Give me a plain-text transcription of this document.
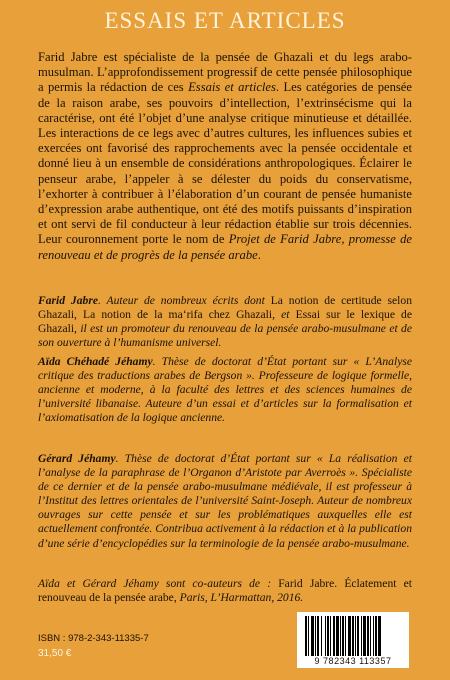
ESSAIS ET ARTICLES

Farid Jabre est spécialiste de la pensée de Ghazali et du legs arabo-musulman. L’approfondissement progressif de cette pensée philosophique a permis la rédaction de ces Essais et articles. Les catégories de pensée de la raison arabe, ses pouvoirs d’intellection, l’extrinsécisme qui la caractérise, ont été l’objet d’une analyse critique minutieuse et détaillée. Les interactions de ce legs avec d’autres cultures, les influences subies et exercées ont favorisé des rapprochements avec la pensée occidentale et donné lieu à un ensemble de considérations anthropologiques. Éclairer le penseur arabe, l’appeler à se délester du poids du conservatisme, l’exhorter à contribuer à l’élaboration d’un courant de pensée humaniste d’expression arabe authentique, ont été des motifs puissants d’inspiration et ont servi de fil conducteur à leur rédaction établie sur trois décennies. Leur couronnement porte le nom de Projet de Farid Jabre, promesse de renouveau et de progrès de la pensée arabe.

Farid Jabre. Auteur de nombreux écrits dont La notion de certitude selon Ghazali, La notion de la ma‘rifa chez Ghazali, et Essai sur le lexique de Ghazali, il est un promoteur du renouveau de la pensée arabo-musulmane et de son ouverture à l’humanisme universel.
Aïda Chéhadé Jéhamy. Thèse de doctorat d’État portant sur « L’Analyse critique des traductions arabes de Bergson ». Professeure de logique formelle, ancienne et moderne, à la faculté des lettres et des sciences humaines de l’université libanaise. Auteure d’un essai et d’articles sur la formalisation et l’axiomatisation de la logique ancienne.
Gérard Jéhamy. Thèse de doctorat d’État portant sur « La réalisation et l’analyse de la paraphrase de l’Organon d’Aristote par Averroès ». Spécialiste de ce dernier et de la pensée arabo-musulmane médiévale, il est professeur à l’Institut des lettres orientales de l’université Saint-Joseph. Auteur de nombreux ouvrages sur cette pensée et sur les problématiques auxquelles elle est actuellement confrontée. Contribua activement à la rédaction et à la publication d’une série d’encyclopédies sur la terminologie de la pensée arabo-musulmane.
Aïda et Gérard Jéhamy sont co-auteurs de : Farid Jabre. Éclatement et renouveau de la pensée arabe, Paris, L’Harmattan, 2016.
ISBN : 978-2-343-11335-7
31,50 €
9 782343 113357
